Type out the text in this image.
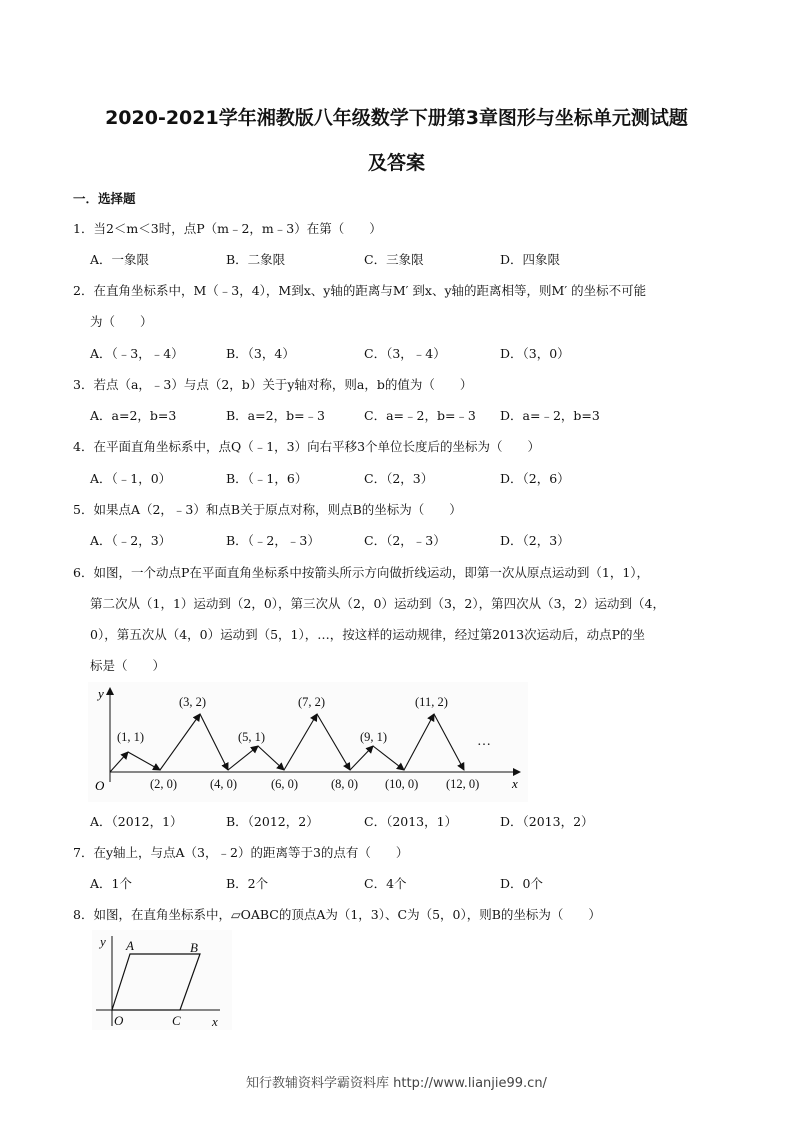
2020-2021学年湘教版八年级数学下册第3章图形与坐标单元测试题
及答案
一．选择题
1．当2＜m＜3时，点P（m﹣2，m﹣3）在第（　　）
A．一象限	B．二象限	C．三象限	D．四象限
2．在直角坐标系中，M（﹣3，4），M到x、y轴的距离与M′ 到x、y轴的距离相等，则M′ 的坐标不可能
为（　　）
A．（﹣3，﹣4）	B．（3，4）	C．（3，﹣4）	D．（3，0）
3．若点（a，﹣3）与点（2，b）关于y轴对称，则a，b的值为（　　）
A．a=2，b=3	B．a=2，b=﹣3	C．a=﹣2，b=﹣3 D．a=﹣2，b=3
4．在平面直角坐标系中，点Q（﹣1，3）向右平移3个单位长度后的坐标为（　　）
A．（﹣1，0）	B．（﹣1，6）	C．（2，3）	D．（2，6）
5．如果点A（2，﹣3）和点B关于原点对称，则点B的坐标为（　　）
A．（﹣2，3）	B．（﹣2，﹣3）	C．（2，﹣3）	D．（2，3）
6．如图，一个动点P在平面直角坐标系中按箭头所示方向做折线运动，即第一次从原点运动到（1，1），
第二次从（1，1）运动到（2，0），第三次从（2，0）运动到（3，2），第四次从（3，2）运动到（4，
0），第五次从（4，0）运动到（5，1），…，按这样的运动规律，经过第2013次运动后，动点P的坐
标是（　　）
y
x
O
(1, 1)
(3, 2)
(5, 1)
(7, 2)
(9, 1)
(11, 2)
…
(2, 0)	(4, 0)	(6, 0)	(8, 0) (10, 0) (12, 0)
A．（2012，1）	B．（2012，2）	C．（2013，1）	D．（2013，2）
7．在y轴上，与点A（3，﹣2）的距离等于3的点有（　　）
A．1个	B．2个	C．4个	D．0个
8．如图，在直角坐标系中，▱OABC的顶点A为（1，3）、C为（5，0），则B的坐标为（　　）
y
x
A	B
O	C
知行教辅资料学霸资料库 http://www.lianjie99.cn/
